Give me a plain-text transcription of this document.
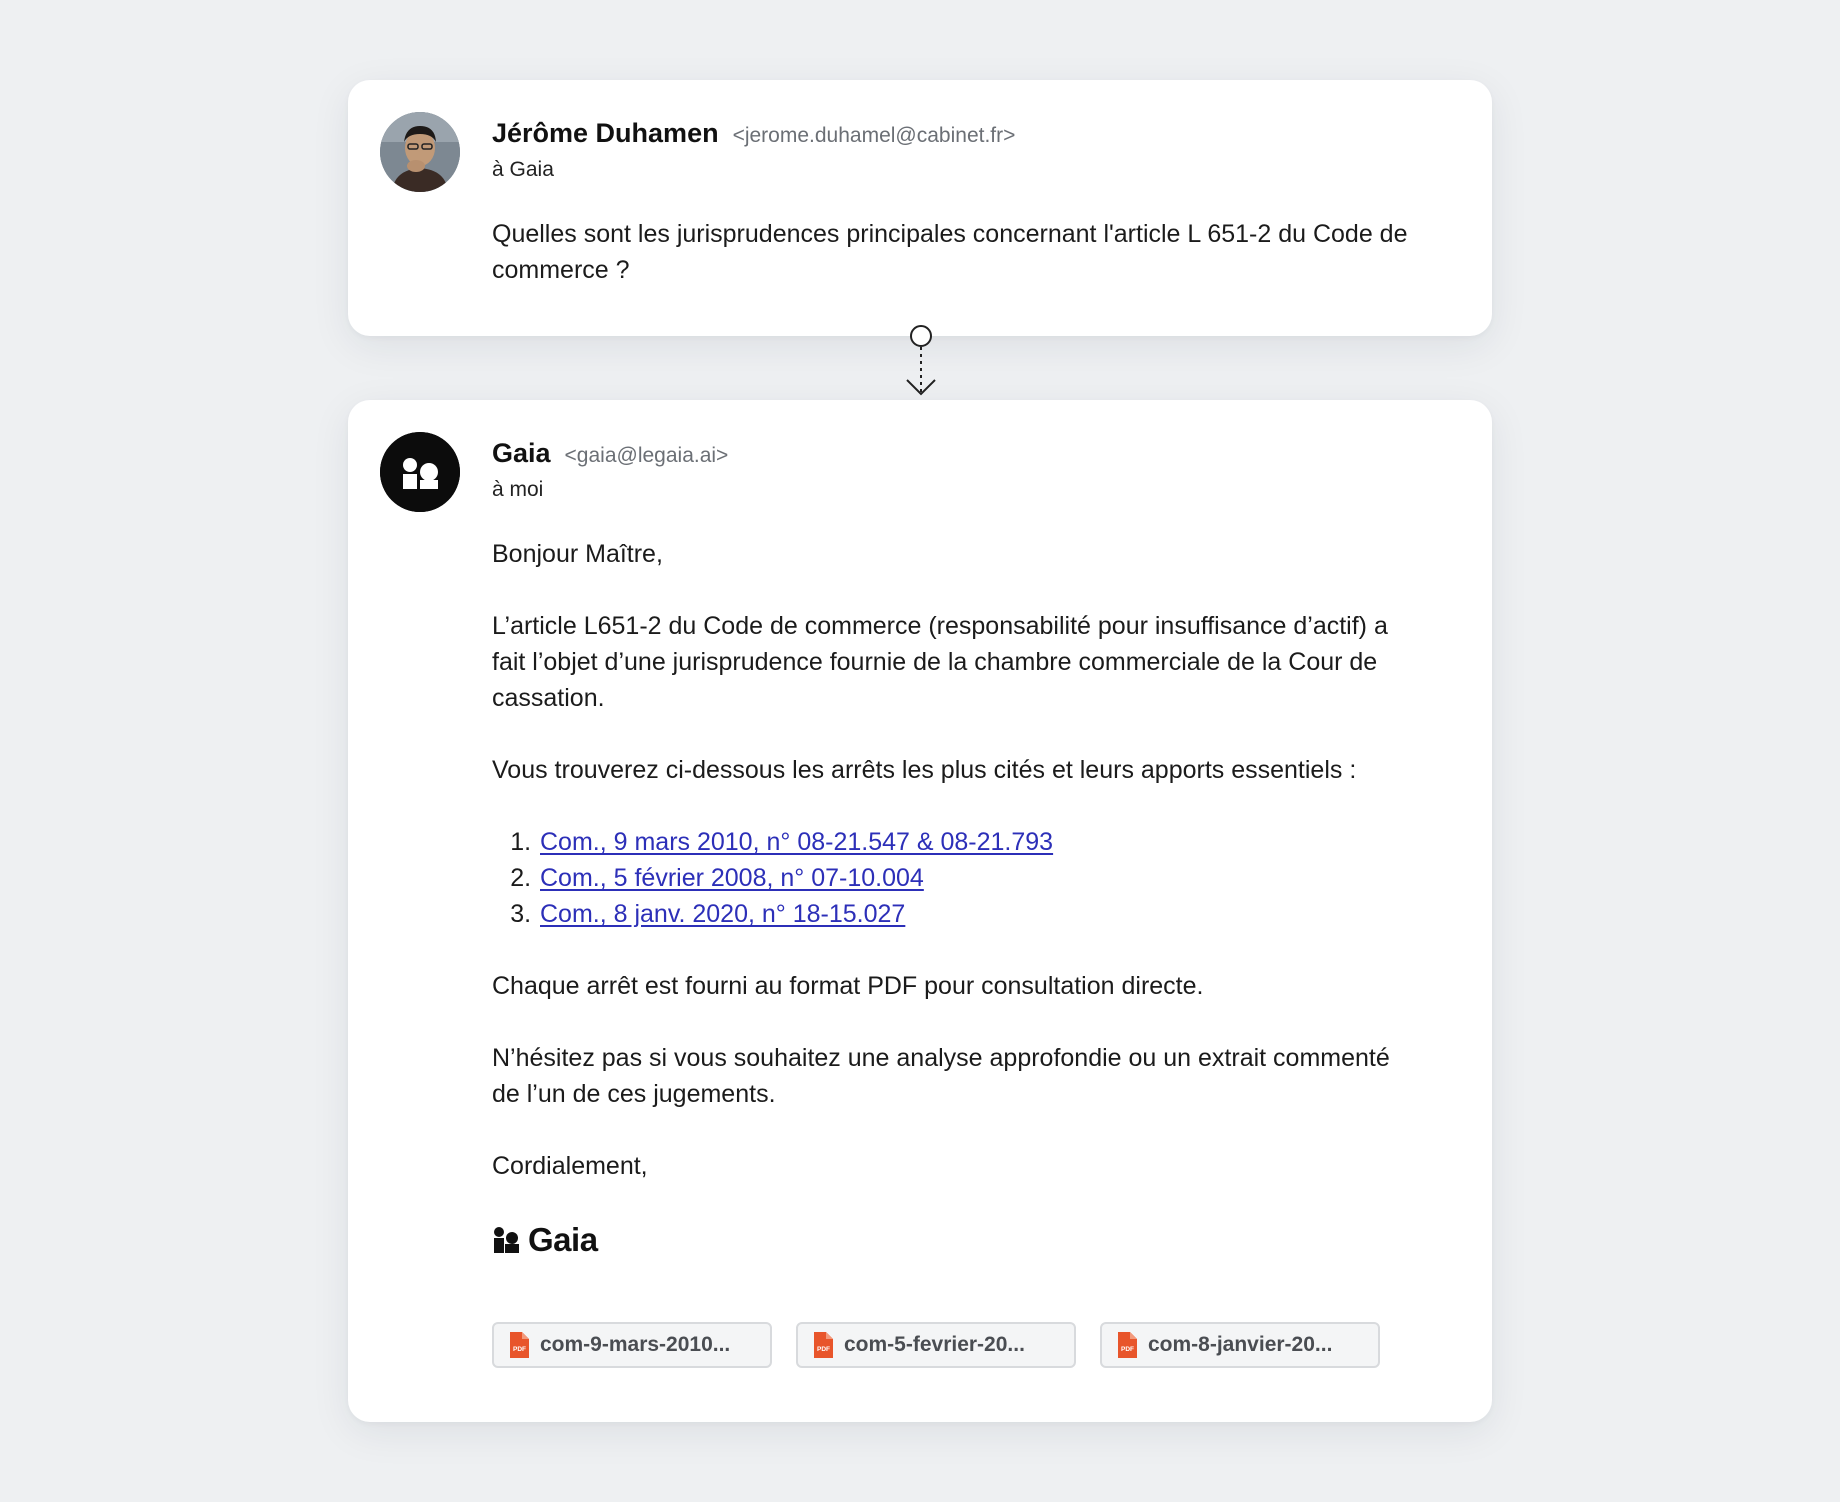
Jérôme Duhamen <jerome.duhamel@cabinet.fr>
à Gaia

Quelles sont les jurisprudences principales concernant l'article L 651-2 du Code de commerce ?

Gaia <gaia@legaia.ai>
à moi

Bonjour Maître,

L’article L651-2 du Code de commerce (responsabilité pour insuffisance d’actif) a fait l’objet d’une jurisprudence fournie de la chambre commerciale de la Cour de cassation.

Vous trouverez ci-dessous les arrêts les plus cités et leurs apports essentiels :

1. Com., 9 mars 2010, n° 08-21.547 & 08-21.793
2. Com., 5 février 2008, n° 07-10.004
3. Com., 8 janv. 2020, n° 18-15.027

Chaque arrêt est fourni au format PDF pour consultation directe.

N’hésitez pas si vous souhaitez une analyse approfondie ou un extrait commenté de l’un de ces jugements.

Cordialement,

Gaia
PDF com-9-mars-2010...	PDF com-5-fevrier-20...	PDF com-8-janvier-20...
